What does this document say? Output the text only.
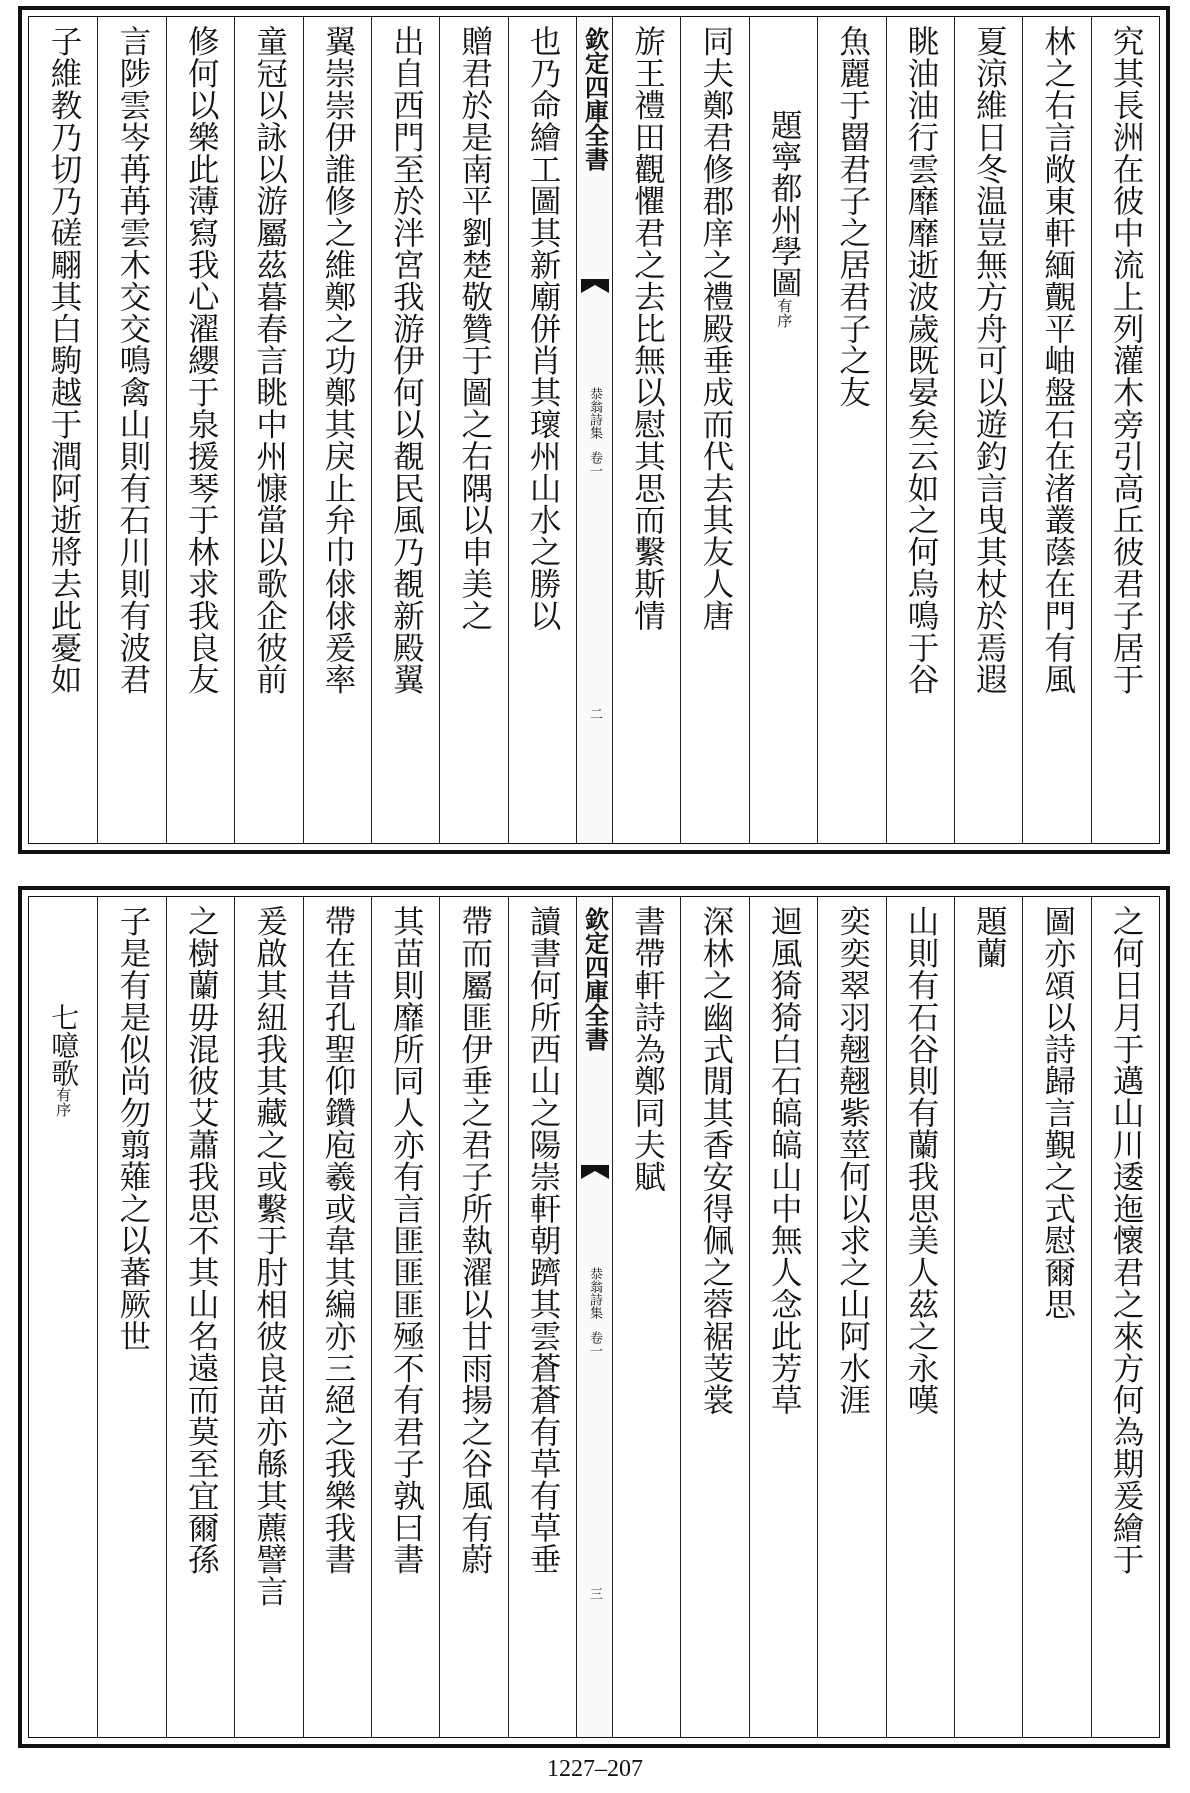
究其長洲在彼中流上列灌木旁引高丘彼君子居于
林之右言敞東軒緬覿平岫盤石在渚叢蔭在門有風
夏涼維日冬温豈無方舟可以遊釣言曳其杖於焉遐
眺油油行雲靡靡逝波歲既晏矣云如之何烏鳴于谷
魚麗于罶君子之居君子之友
題寧都州學圖有序
同夫鄭君修郡庠之禮殿垂成而代去其友人唐
旂王禮田觀懼君之去比無以慰其思而繫斯情
欽定四庫全書
㳟翁詩集卷一
二
也乃命繪工圖其新廟併肖其瓌州山水之勝以
贈君於是南平劉楚敬贊于圖之右隅以申美之
出自西門至於泮宮我游伊何以覩民風乃覩新殿翼
翼崇崇伊誰修之維鄭之功鄭其戾止弁巾俅俅爰率
童冠以詠以游屬茲暮春言眺中州慷當以歌企彼前
修何以樂此薄寫我心濯纓于泉援琴于林求我良友
言陟雲岑苒苒雲木交交鳴禽山則有石川則有波君
子維教乃切乃磋翢其白駒越于澗阿逝將去此憂如
之何日月于邁山川逶迤懷君之來方何為期爰繪于
圖亦頌以詩歸言覲之式慰爾思
題蘭
山則有石谷則有蘭我思美人茲之永嘆
奕奕翠羽翹翹紫莖何以求之山阿水涯
迴風猗猗白石皜皜山中無人念此芳草
深林之幽式閒其香安得佩之蓉裾芰裳
書帶軒詩為鄭同夫賦
欽定四庫全書
㳟翁詩集卷一
三
讀書何所西山之陽崇軒朝躋其雲蒼蒼有草有草垂
帶而屬匪伊垂之君子所執濯以甘雨揚之谷風有蔚
其苗則靡所同人亦有言匪匪匪殛不有君子孰曰書
帶在昔孔聖仰鑽庖羲或韋其編亦三絕之我樂我書
爰啟其紐我其藏之或繫于肘相彼良苗亦緜其藨譬言
之樹蘭毋混彼艾蕭我思不其山名遠而莫至宜爾孫
子是有是似尚勿翦薙之以蕃厥世
七噫歌有序
1227–207
